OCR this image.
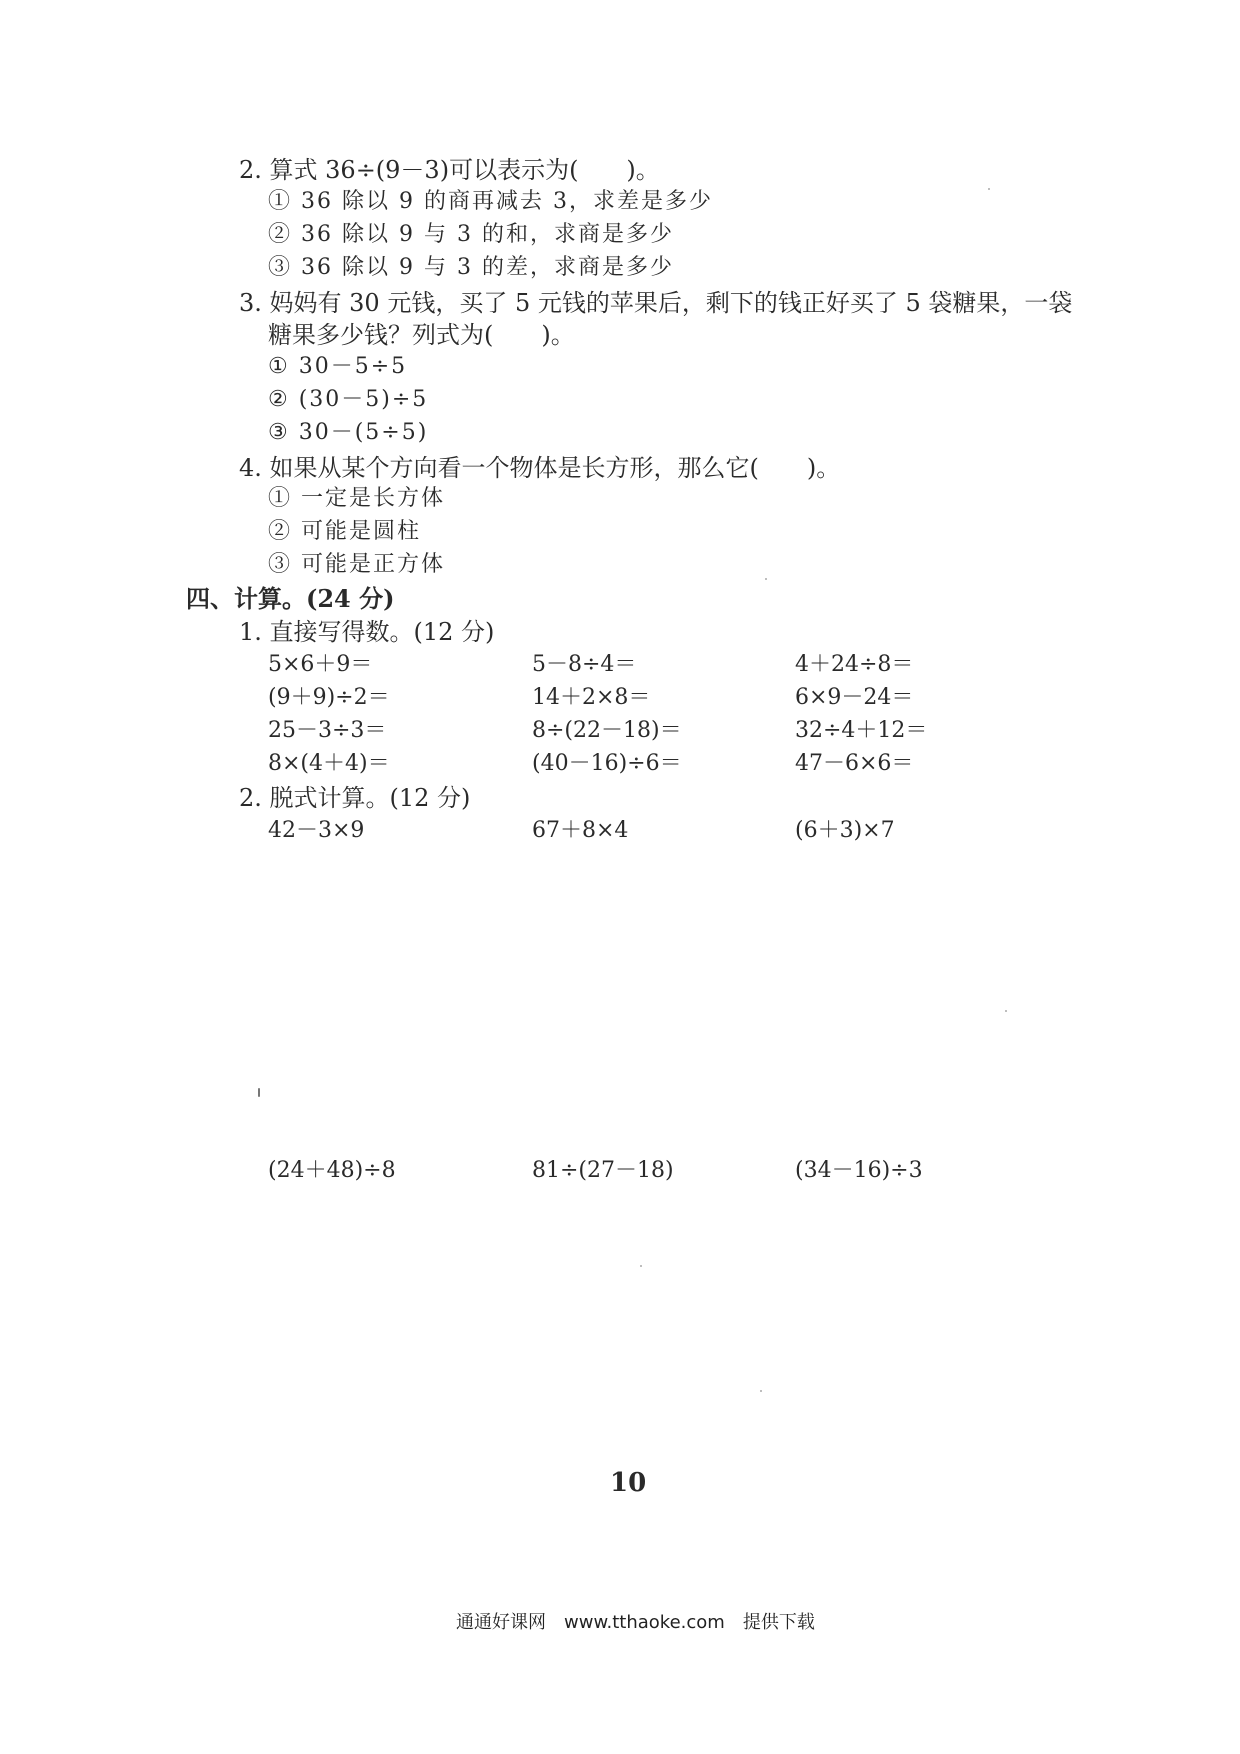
2. 算式 36÷(9－3)可以表示为(　　)。
① 36 除以 9 的商再减去 3，求差是多少
② 36 除以 9 与 3 的和，求商是多少
③ 36 除以 9 与 3 的差，求商是多少
3. 妈妈有 30 元钱，买了 5 元钱的苹果后，剩下的钱正好买了 5 袋糖果，一袋
糖果多少钱？列式为(　　)。
① 30－5÷5
② (30－5)÷5
③ 30－(5÷5)
4. 如果从某个方向看一个物体是长方形，那么它(　　)。
① 一定是长方体
② 可能是圆柱
③ 可能是正方体
四、计算。(24 分)
1. 直接写得数。(12 分)
5×6＋9＝	5－8÷4＝	4＋24÷8＝
(9＋9)÷2＝	14＋2×8＝	6×9－24＝
25－3÷3＝	8÷(22－18)＝	32÷4＋12＝
8×(4＋4)＝	(40－16)÷6＝	47－6×6＝
2. 脱式计算。(12 分)
42－3×9	67＋8×4	(6＋3)×7
(24＋48)÷8	81÷(27－18)	(34－16)÷3
10
通通好课网　www.tthaoke.com　提供下载
